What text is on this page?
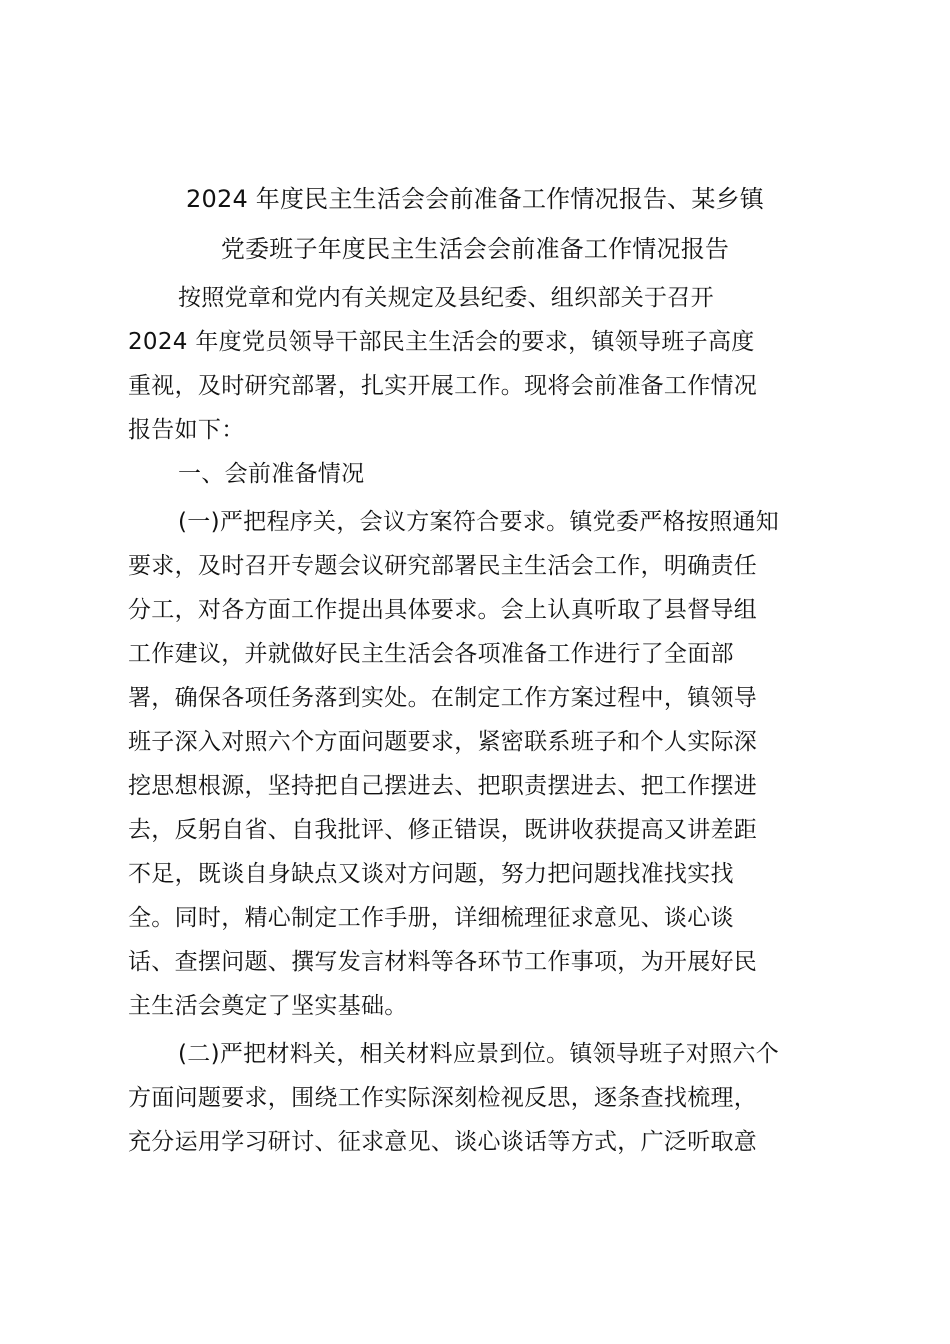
2024 年度民主生活会会前准备工作情况报告、某乡镇
党委班子年度民主生活会会前准备工作情况报告
按照党章和党内有关规定及县纪委、组织部关于召开
2024 年度党员领导干部民主生活会的要求，镇领导班子高度
重视，及时研究部署，扎实开展工作。现将会前准备工作情况
报告如下：
一、会前准备情况
(一)严把程序关，会议方案符合要求。镇党委严格按照通知
要求，及时召开专题会议研究部署民主生活会工作，明确责任
分工，对各方面工作提出具体要求。会上认真听取了县督导组
工作建议，并就做好民主生活会各项准备工作进行了全面部
署，确保各项任务落到实处。在制定工作方案过程中，镇领导
班子深入对照六个方面问题要求，紧密联系班子和个人实际深
挖思想根源，坚持把自己摆进去、把职责摆进去、把工作摆进
去，反躬自省、自我批评、修正错误，既讲收获提高又讲差距
不足，既谈自身缺点又谈对方问题，努力把问题找准找实找
全。同时，精心制定工作手册，详细梳理征求意见、谈心谈
话、查摆问题、撰写发言材料等各环节工作事项，为开展好民
主生活会奠定了坚实基础。
(二)严把材料关，相关材料应景到位。镇领导班子对照六个
方面问题要求，围绕工作实际深刻检视反思，逐条查找梳理，
充分运用学习研讨、征求意见、谈心谈话等方式，广泛听取意
